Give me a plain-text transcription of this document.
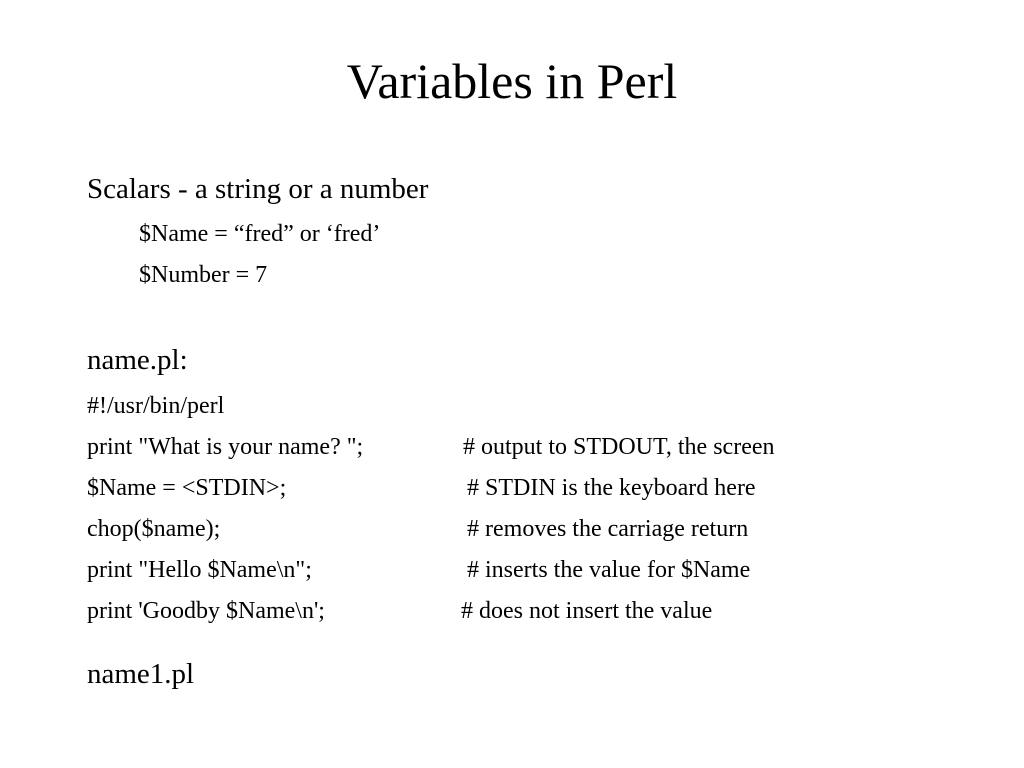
Variables in Perl
Scalars - a string or a number
$Name = “fred” or ‘fred’
$Number = 7
name.pl:
#!/usr/bin/perl
print "What is your name? ";	# output to STDOUT, the screen
$Name = <STDIN>;	# STDIN is the keyboard here
chop($name);	# removes the carriage return
print "Hello $Name\n";	# inserts the value for $Name
print 'Goodby $Name\n';	# does not insert the value
name1.pl
